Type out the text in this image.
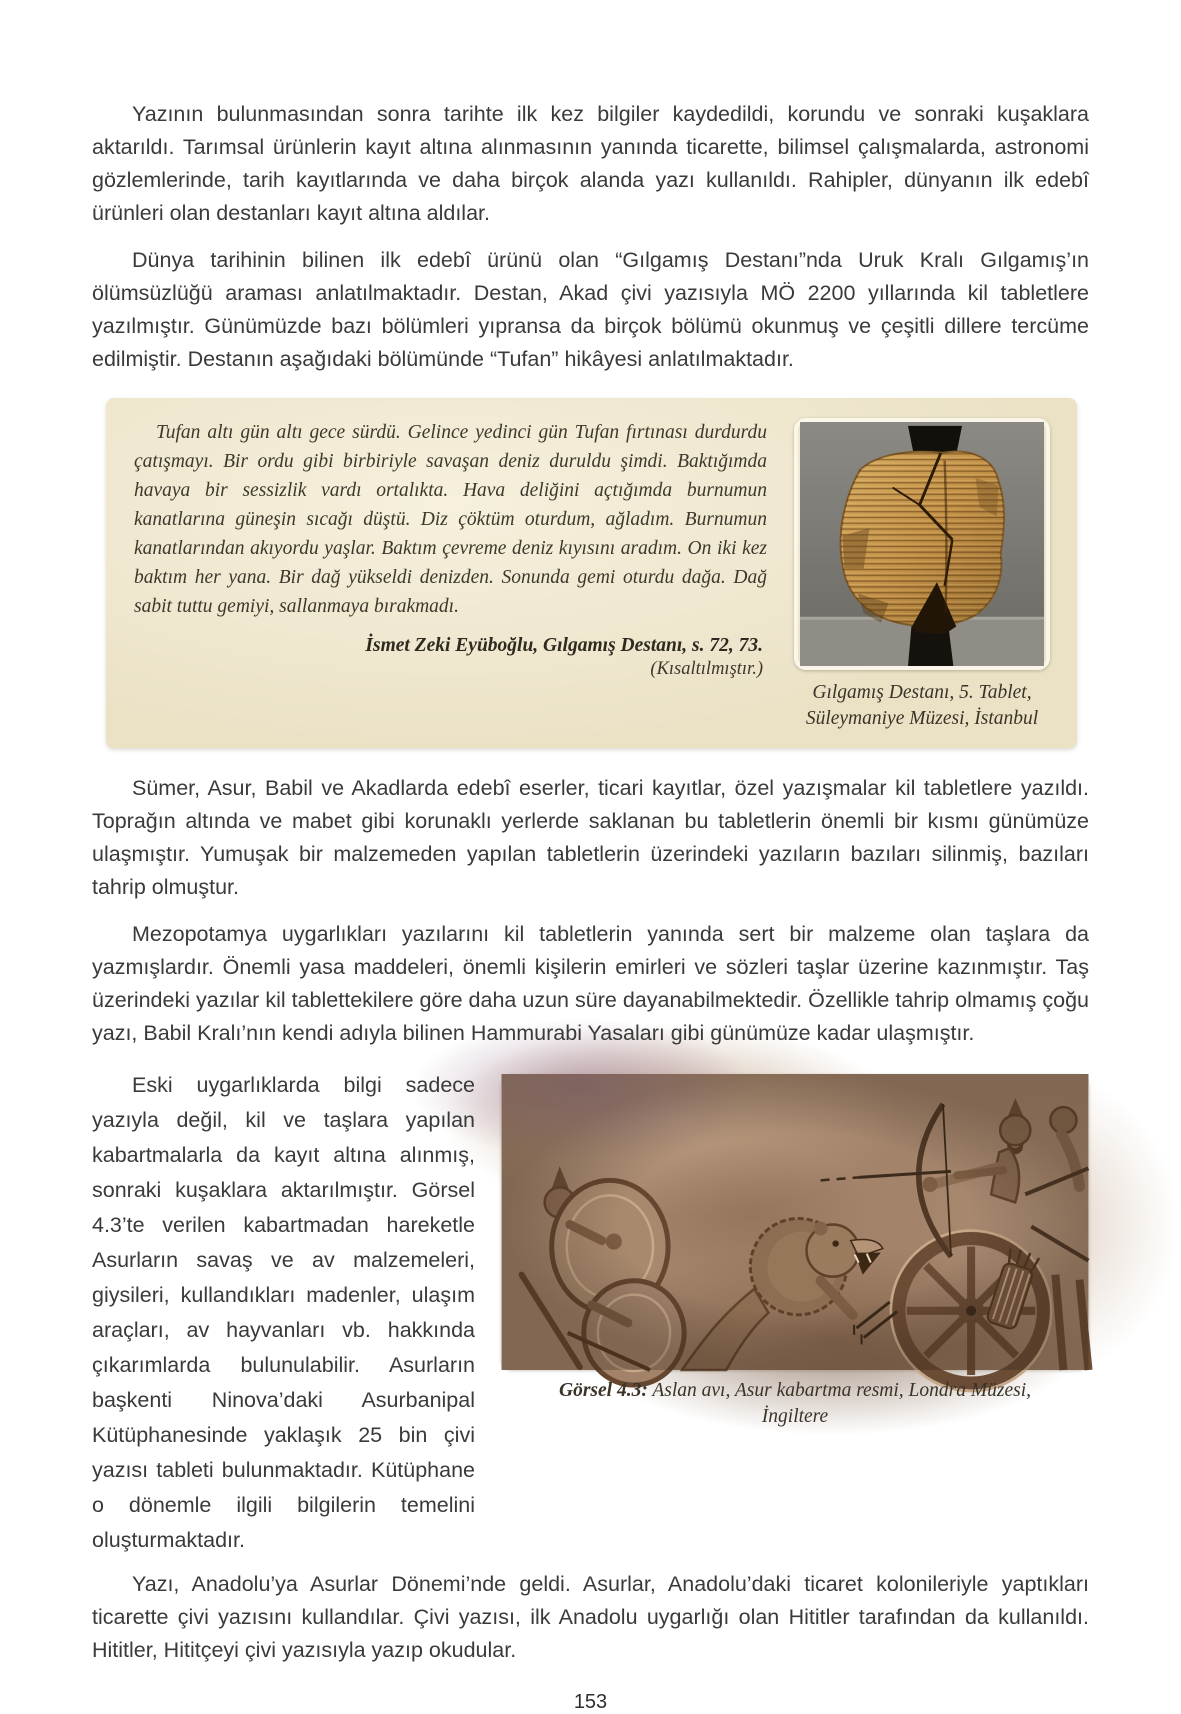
Yazının bulunmasından sonra tarihte ilk kez bilgiler kaydedildi, korundu ve sonraki kuşaklara aktarıldı. Tarımsal ürünlerin kayıt altına alınmasının yanında ticarette, bilimsel çalışmalarda, astronomi gözlemlerinde, tarih kayıtlarında ve daha birçok alanda yazı kullanıldı. Rahipler, dünyanın ilk edebî ürünleri olan destanları kayıt altına aldılar.

Dünya tarihinin bilinen ilk edebî ürünü olan “Gılgamış Destanı”nda Uruk Kralı Gılgamış’ın ölümsüzlüğü araması anlatılmaktadır. Destan, Akad çivi yazısıyla MÖ 2200 yıllarında kil tabletlere yazılmıştır. Günümüzde bazı bölümleri yıpransa da birçok bölümü okunmuş ve çeşitli dillere tercüme edilmiştir. Destanın aşağıdaki bölümünde “Tufan” hikâyesi anlatılmaktadır.

Tufan altı gün altı gece sürdü. Gelince yedinci gün Tufan fırtınası durdurdu çatışmayı. Bir ordu gibi birbiriyle savaşan deniz duruldu şimdi. Baktığımda havaya bir sessizlik vardı ortalıkta. Hava deliğini açtığımda burnumun kanatlarına güneşin sıcağı düştü. Diz çöktüm oturdum, ağladım. Burnumun kanatlarından akıyordu yaşlar. Baktım çevreme deniz kıyısını aradım. On iki kez baktım her yana. Bir dağ yükseldi denizden. Sonunda gemi oturdu dağa. Dağ sabit tuttu gemiyi, sallanmaya bırakmadı.
İsmet Zeki Eyüboğlu, Gılgamış Destanı, s. 72, 73.
(Kısaltılmıştır.)
Gılgamış Destanı, 5. Tablet, Süleymaniye Müzesi, İstanbul

Sümer, Asur, Babil ve Akadlarda edebî eserler, ticari kayıtlar, özel yazışmalar kil tabletlere yazıldı. Toprağın altında ve mabet gibi korunaklı yerlerde saklanan bu tabletlerin önemli bir kısmı günümüze ulaşmıştır. Yumuşak bir malzemeden yapılan tabletlerin üzerindeki yazıların bazıları silinmiş, bazıları tahrip olmuştur.

Mezopotamya uygarlıkları yazılarını kil tabletlerin yanında sert bir malzeme olan taşlara da yazmışlardır. Önemli yasa maddeleri, önemli kişilerin emirleri ve sözleri taşlar üzerine kazınmıştır. Taş üzerindeki yazılar kil tablettekilere göre daha uzun süre dayanabilmektedir. Özellikle tahrip olmamış çoğu yazı, Babil Kralı’nın kendi adıyla bilinen Hammurabi Yasaları gibi günümüze kadar ulaşmıştır.

Görsel 4.3: Aslan avı, Asur kabartma resmi, Londra Müzesi, İngiltere
Eski uygarlıklarda bilgi sadece yazıyla değil, kil ve taşlara yapılan kabartmalarla da kayıt altına alınmış, sonraki kuşaklara aktarılmıştır. Görsel 4.3’te verilen kabartmadan hareketle Asurların savaş ve av malzemeleri, giysileri, kullandıkları madenler, ulaşım araçları, av hayvanları vb. hakkında çıkarımlarda bulunulabilir. Asurların başkenti Ninova’daki Asurbanipal Kütüphanesinde yaklaşık 25 bin çivi yazısı tableti bulunmaktadır. Kütüphane o dönemle ilgili bilgilerin temelini oluşturmaktadır.

Yazı, Anadolu’ya Asurlar Dönemi’nde geldi. Asurlar, Anadolu’daki ticaret kolonileriyle yaptıkları ticarette çivi yazısını kullandılar. Çivi yazısı, ilk Anadolu uygarlığı olan Hititler tarafından da kullanıldı. Hititler, Hititçeyi çivi yazısıyla yazıp okudular.

153
